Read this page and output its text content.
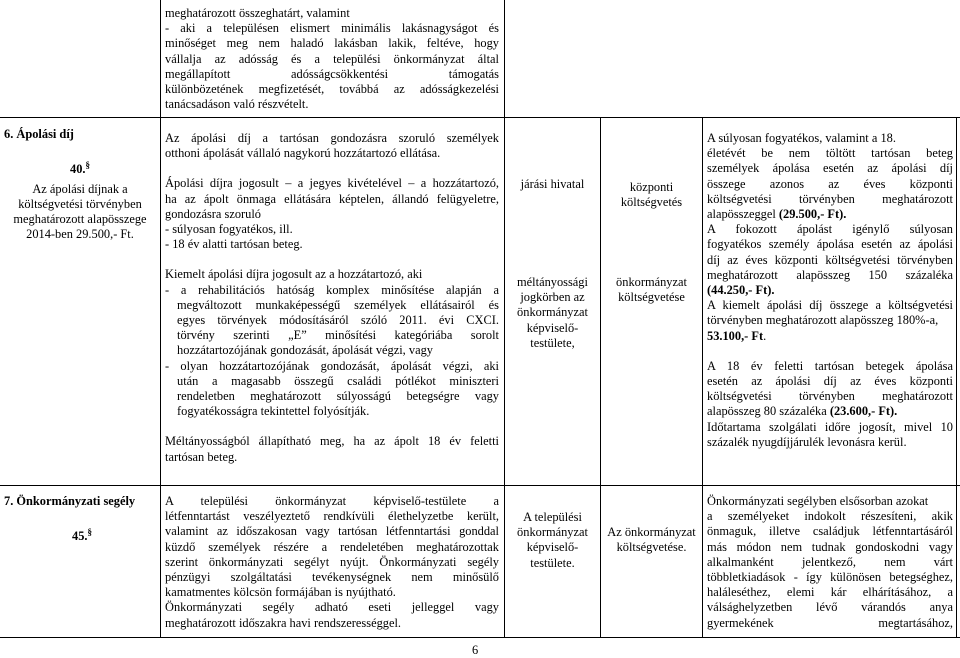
meghatározott összeghatárt, valamint
- aki a településen elismert minimális lakásnagyságot és
minőséget meg nem haladó lakásban lakik, feltéve, hogy
vállalja az adósság és a települési önkormányzat által
megállapított adósságcsökkentési támogatás
különbözetének megfizetését, továbbá az adósságkezelési
tanácsadáson való részvételt.
6. Ápolási díj
40.§
Az ápolási díjnak a
költségvetési törvényben
meghatározott alapösszege
2014-ben 29.500,- Ft.
Az ápolási díj a tartósan gondozásra szoruló személyek
otthoni ápolását vállaló nagykorú hozzátartozó ellátása.
Ápolási díjra jogosult – a jegyes kivételével – a hozzátartozó,
ha az ápolt önmaga ellátására képtelen, állandó felügyeletre,
gondozásra szoruló
- súlyosan fogyatékos, ill.
- 18 év alatti tartósan beteg.
Kiemelt ápolási díjra jogosult az a hozzátartozó, aki
- a rehabilitációs hatóság komplex minősítése alapján a
megváltozott munkaképességű személyek ellátásairól és
egyes törvények módosításáról szóló 2011. évi CXCI.
törvény szerinti „E” minősítési kategóriába sorolt
hozzátartozójának gondozását, ápolását végzi, vagy
- olyan hozzátartozójának gondozását, ápolását végzi, aki
után a magasabb összegű családi pótlékot miniszteri
rendeletben meghatározott súlyosságú betegségre vagy
fogyatékosságra tekintettel folyósítják.
Méltányosságból állapítható meg, ha az ápolt 18 év feletti
tartósan beteg.
járási hivatal
méltányossági
jogkörben az
önkormányzat
képviselő-
testülete,
központi
költségvetés
önkormányzat
költségvetése
A súlyosan fogyatékos, valamint a 18.
életévét be nem töltött tartósan beteg
személyek ápolása esetén az ápolási díj
összege azonos az éves központi
költségvetési törvényben meghatározott
alapösszeggel (29.500,- Ft).
A fokozott ápolást igénylő súlyosan
fogyatékos személy ápolása esetén az ápolási
díj az éves központi költségvetési törvényben
meghatározott alapösszeg 150 százaléka
(44.250,- Ft).
A kiemelt ápolási díj összege a költségvetési
törvényben meghatározott alapösszeg 180%-a,
53.100,- Ft.
A 18 év feletti tartósan betegek ápolása
esetén az ápolási díj az éves központi
költségvetési törvényben meghatározott
alapösszeg 80 százaléka (23.600,- Ft).
Időtartama szolgálati időre jogosít, mivel 10
százalék nyugdíjjárulék levonásra kerül.
7. Önkormányzati segély
45.§
A települési önkormányzat képviselő-testülete a
létfenntartást veszélyeztető rendkívüli élethelyzetbe került,
valamint az időszakosan vagy tartósan létfenntartási gonddal
küzdő személyek részére a rendeletében meghatározottak
szerint önkormányzati segélyt nyújt. Önkormányzati segély
pénzügyi szolgáltatási tevékenységnek nem minősülő
kamatmentes kölcsön formájában is nyújtható.
Önkormányzati segély adható eseti jelleggel vagy
meghatározott időszakra havi rendszerességgel.
A települési
önkormányzat
képviselő-
testülete.
Az önkormányzat
költségvetése.
Önkormányzati segélyben elsősorban azokat
a személyeket indokolt részesíteni, akik
önmaguk, illetve családjuk létfenntartásáról
más módon nem tudnak gondoskodni vagy
alkalmanként jelentkező, nem várt
többletkiadások - így különösen betegséghez,
haláleséthez, elemi kár elhárításához, a
válsághelyzetben lévő várandós anya
gyermekének megtartásához,
6
